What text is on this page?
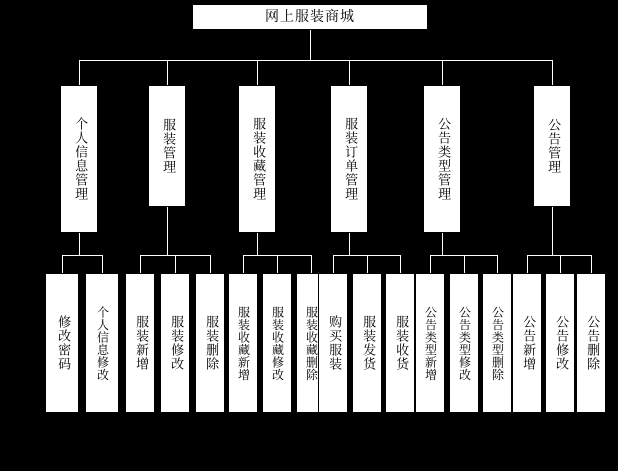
网上服装商城
个人信息管理	服装管理	服装收藏管理	服装订单管理	公告类型管理	公告管理
修改密码	个人信息修改	服装新增	服装修改	服装删除	服装收藏新增	服装收藏修改	服装收藏删除 购买服装	服装发货	服装收货	公告类型新增	公告类型修改	公告类型删除	公告新增	公告修改	公告删除
